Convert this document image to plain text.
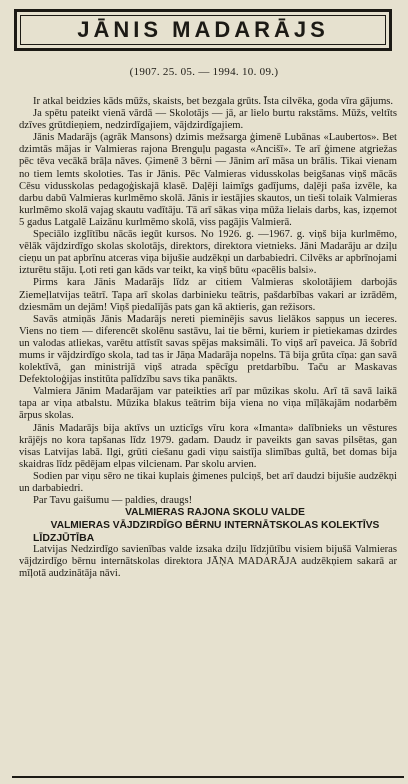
JĀNIS MADARĀJS
(1907. 25. 05. — 1994. 10. 09.)

Ir atkal beidzies kāds mūžs, skaists, bet bezgala grūts. Īsta cilvēka, goda vīra gājums.

Ja spētu pateikt vienā vārdā — Skolotājs — jā, ar lielo burtu rakstāms. Mūžs, veltīts dzīves grūtdieņiem, nedzirdīgajiem, vājdzirdīgajiem.

Jānis Madarājs (agrāk Mansons) dzimis mežsarga ģimenē Lubānas «Laubertos». Bet dzimtās mājas ir Valmieras rajona Brenguļu pagasta «Ancišī». Te arī ģimene atgriežas pēc tēva vecākā brāļa nāves. Ģimenē 3 bērni — Jānim arī māsa un brālis. Tikai vienam no tiem lemts skoloties. Tas ir Jānis. Pēc Valmieras vidusskolas beigšanas viņš mācās Cēsu vidusskolas pedagoģiskajā klasē. Daļēji laimīgs gadījums, daļēji paša izvēle, ka darbu dabū Valmieras kurlmēmo skolā. Jānis ir iestājies skautos, un tieši tolaik Valmieras kurlmēmo skolā vajag skautu vadītāju. Tā arī sākas viņa mūža lielais darbs, kas, izņemot 5 gadus Latgalē Laizānu kurlmēmo skolā, viss pagājis Valmierā.

Speciālo izglītību nācās iegūt kursos. No 1926. g. —1967. g. viņš bija kurlmēmo, vēlāk vājdzirdīgo skolas skolotājs, direktors, direktora vietnieks. Jāni Madarāju ar dziļu cieņu un pat apbrīnu atceras viņa bijušie audzēkņi un darbabiedri. Cilvēks ar apbrīnojami izturētu stāju. Ļoti reti gan kāds var teikt, ka viņš būtu «pacēlis balsi».

Pirms kara Jānis Madarājs līdz ar citiem Valmieras skolotājiem darbojās Ziemeļlatvijas teātrī. Tapa arī skolas darbinieku teātris, pašdarbības vakari ar izrādēm, dziesmām un dejām! Viņš piedalījās pats gan kā aktieris, gan režisors.

Savās atmiņās Jānis Madarājs nereti pieminējis savus lielākos sapņus un ieceres. Viens no tiem — diferencēt skolēnu sastāvu, lai tie bērni, kuriem ir pietiekamas dzirdes un valodas atliekas, varētu attīstīt savas spējas maksimāli. To viņš arī paveica. Jā šobrīd mums ir vājdzirdīgo skola, tad tas ir Jāņa Madarāja nopelns. Tā bija grūta cīņa: gan savā kolektīvā, gan ministrijā viņš atrada spēcīgu pretdarbību. Taču ar Maskavas Defektoloģijas institūta palīdzību savs tika panākts.

Valmiera Jānim Madarājam var pateikties arī par mūzikas skolu. Arī tā savā laikā tapa ar viņa atbalstu. Mūzika blakus teātrim bija viena no viņa mīļākajām nodarbēm ārpus skolas.

Jānis Madarājs bija aktīvs un uzticīgs vīru kora «Imanta» dalībnieks un vēstures krājējs no kora tapšanas līdz 1979. gadam. Daudz ir paveikts gan savas pilsētas, gan visas Latvijas labā. Ilgi, grūti ciešanu gadi viņu saistīja slimības gultā, bet domas bija skaidras līdz pēdējam elpas vilcienam. Par skolu arvien.

Sodien par viņu sēro ne tikai kuplais ģimenes pulciņš, bet arī daudzi bijušie audzēkņi un darbabiedri.

Par Tavu gaišumu — paldies, draugs!

VALMIERAS RAJONA SKOLU VALDE

VALMIERAS VĀJDZIRDĪGO BĒRNU INTERNĀTSKOLAS KOLEKTĪVS

LĪDZJŪTĪBA

Latvijas Nedzirdīgo savienības valde izsaka dziļu līdzjūtību visiem bijušā Valmieras vājdzirdīgo bērnu internātskolas direktora JĀŅA MADARĀJA audzēkņiem sakarā ar mīļotā audzinātāja nāvi.
